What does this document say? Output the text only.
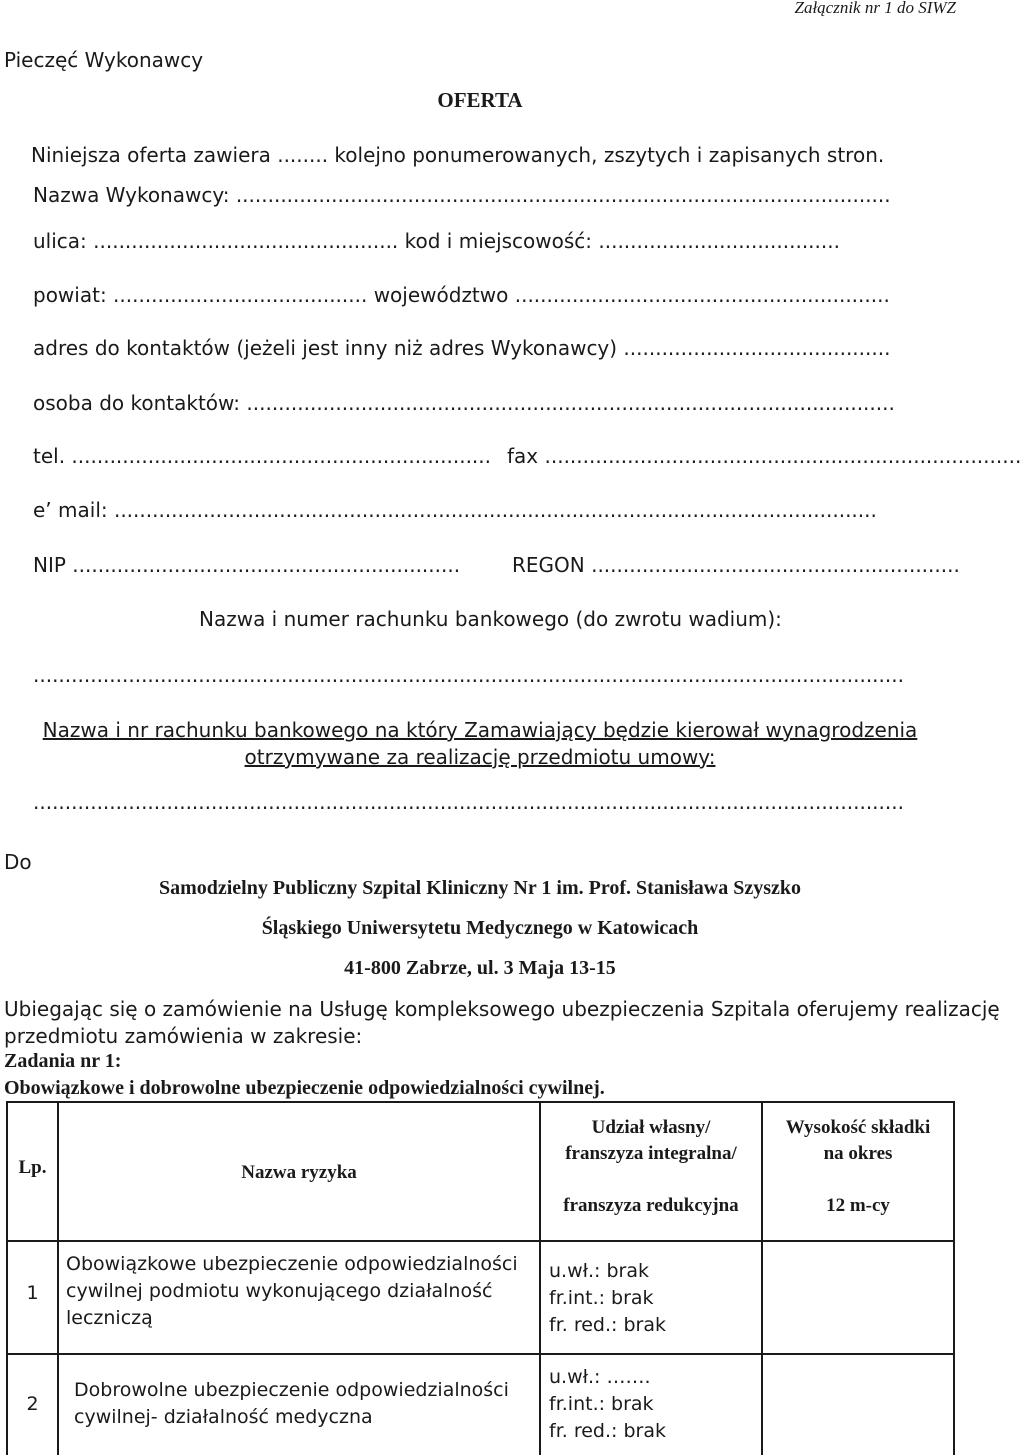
Załącznik nr 1 do SIWZ
Pieczęć Wykonawcy
OFERTA
Niniejsza oferta zawiera ........ kolejno ponumerowanych, zszytych i zapisanych stron.
Nazwa Wykonawcy: .......................................................................................................
ulica: ................................................ kod i miejscowość: ......................................
powiat: ........................................ województwo ...........................................................
adres do kontaktów (jeżeli jest inny niż adres Wykonawcy) ..........................................
osoba do kontaktów: ......................................................................................................
tel. .................................................................. fax ...........................................................................
e’ mail: ........................................................................................................................
NIP .............................................................	REGON ..........................................................
Nazwa i numer rachunku bankowego (do zwrotu wadium):
.........................................................................................................................................
Nazwa i nr rachunku bankowego na który Zamawiający będzie kierował wynagrodzenia
otrzymywane za realizację przedmiotu umowy:
.........................................................................................................................................
Do
Samodzielny Publiczny Szpital Kliniczny Nr 1 im. Prof. Stanisława Szyszko
Śląskiego Uniwersytetu Medycznego w Katowicach
41-800 Zabrze, ul. 3 Maja 13-15
Ubiegając się o zamówienie na Usługę kompleksowego ubezpieczenia Szpitala oferujemy realizację
przedmiotu zamówienia w zakresie:
Zadania nr 1:
Obowiązkowe i dobrowolne ubezpieczenie odpowiedzialności cywilnej.
Lp.	Nazwa ryzyka
Udział własny/
franszyza integralna/
franszyza redukcyjna
Wysokość składki
na okres
12 m-cy
1
Obowiązkowe ubezpieczenie odpowiedzialności
cywilnej podmiotu wykonującego działalność
leczniczą
u.wł.: brak
fr.int.: brak
fr. red.: brak
2
Dobrowolne ubezpieczenie odpowiedzialności
cywilnej- działalność medyczna
u.wł.: …….
fr.int.: brak
fr. red.: brak
